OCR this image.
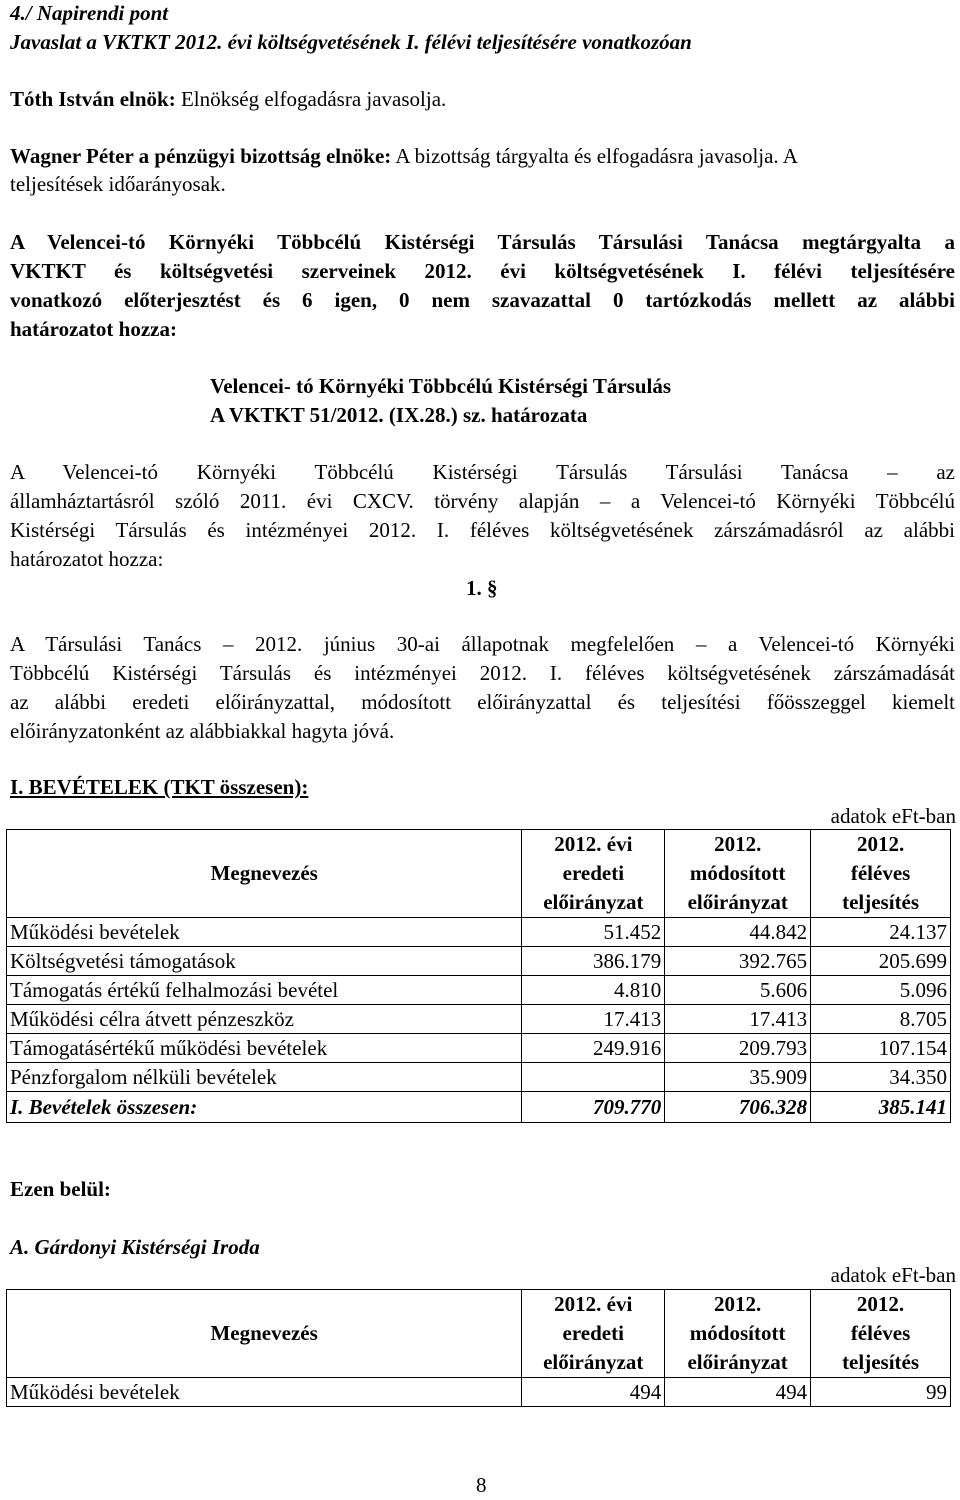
4./ Napirendi pont
Javaslat a VKTKT 2012. évi költségvetésének I. félévi teljesítésére vonatkozóan
Tóth István elnök: Elnökség elfogadásra javasolja.
Wagner Péter a pénzügyi bizottság elnöke: A bizottság tárgyalta és elfogadásra javasolja. A
teljesítések időarányosak.
A Velencei-tó Környéki Többcélú Kistérségi Társulás Társulási Tanácsa megtárgyalta a
VKTKT és költségvetési szerveinek 2012. évi költségvetésének I. félévi teljesítésére
vonatkozó előterjesztést és 6 igen, 0 nem szavazattal 0 tartózkodás mellett az alábbi
határozatot hozza:
Velencei- tó Környéki Többcélú Kistérségi Társulás
A VKTKT 51/2012. (IX.28.) sz. határozata
A Velencei-tó Környéki Többcélú Kistérségi Társulás Társulási Tanácsa – az
államháztartásról szóló 2011. évi CXCV. törvény alapján – a Velencei-tó Környéki Többcélú
Kistérségi Társulás és intézményei 2012. I. féléves költségvetésének zárszámadásról az alábbi
határozatot hozza:
1. §
A Társulási Tanács – 2012. június 30-ai állapotnak megfelelően – a Velencei-tó Környéki
Többcélú Kistérségi Társulás és intézményei 2012. I. féléves költségvetésének zárszámadását
az alábbi eredeti előirányzattal, módosított előirányzattal és teljesítési főösszeggel kiemelt
előirányzatonként az alábbiakkal hagyta jóvá.
I. BEVÉTELEK (TKT összesen):
adatok eFt-ban
Megnevezés	2012. évi
eredeti
előirányzat	2012.
módosított
előirányzat	2012.
féléves
teljesítés
Működési bevételek	51.452	44.842	24.137
Költségvetési támogatások	386.179	392.765	205.699
Támogatás értékű felhalmozási bevétel	4.810	5.606	5.096
Működési célra átvett pénzeszköz	17.413	17.413	8.705
Támogatásértékű működési bevételek	249.916	209.793	107.154
Pénzforgalom nélküli bevételek		35.909	34.350
I. Bevételek összesen:	709.770	706.328	385.141
Ezen belül:
A. Gárdonyi Kistérségi Iroda
adatok eFt-ban
Megnevezés	2012. évi
eredeti
előirányzat	2012.
módosított
előirányzat	2012.
féléves
teljesítés
Működési bevételek	494	494	99
8
